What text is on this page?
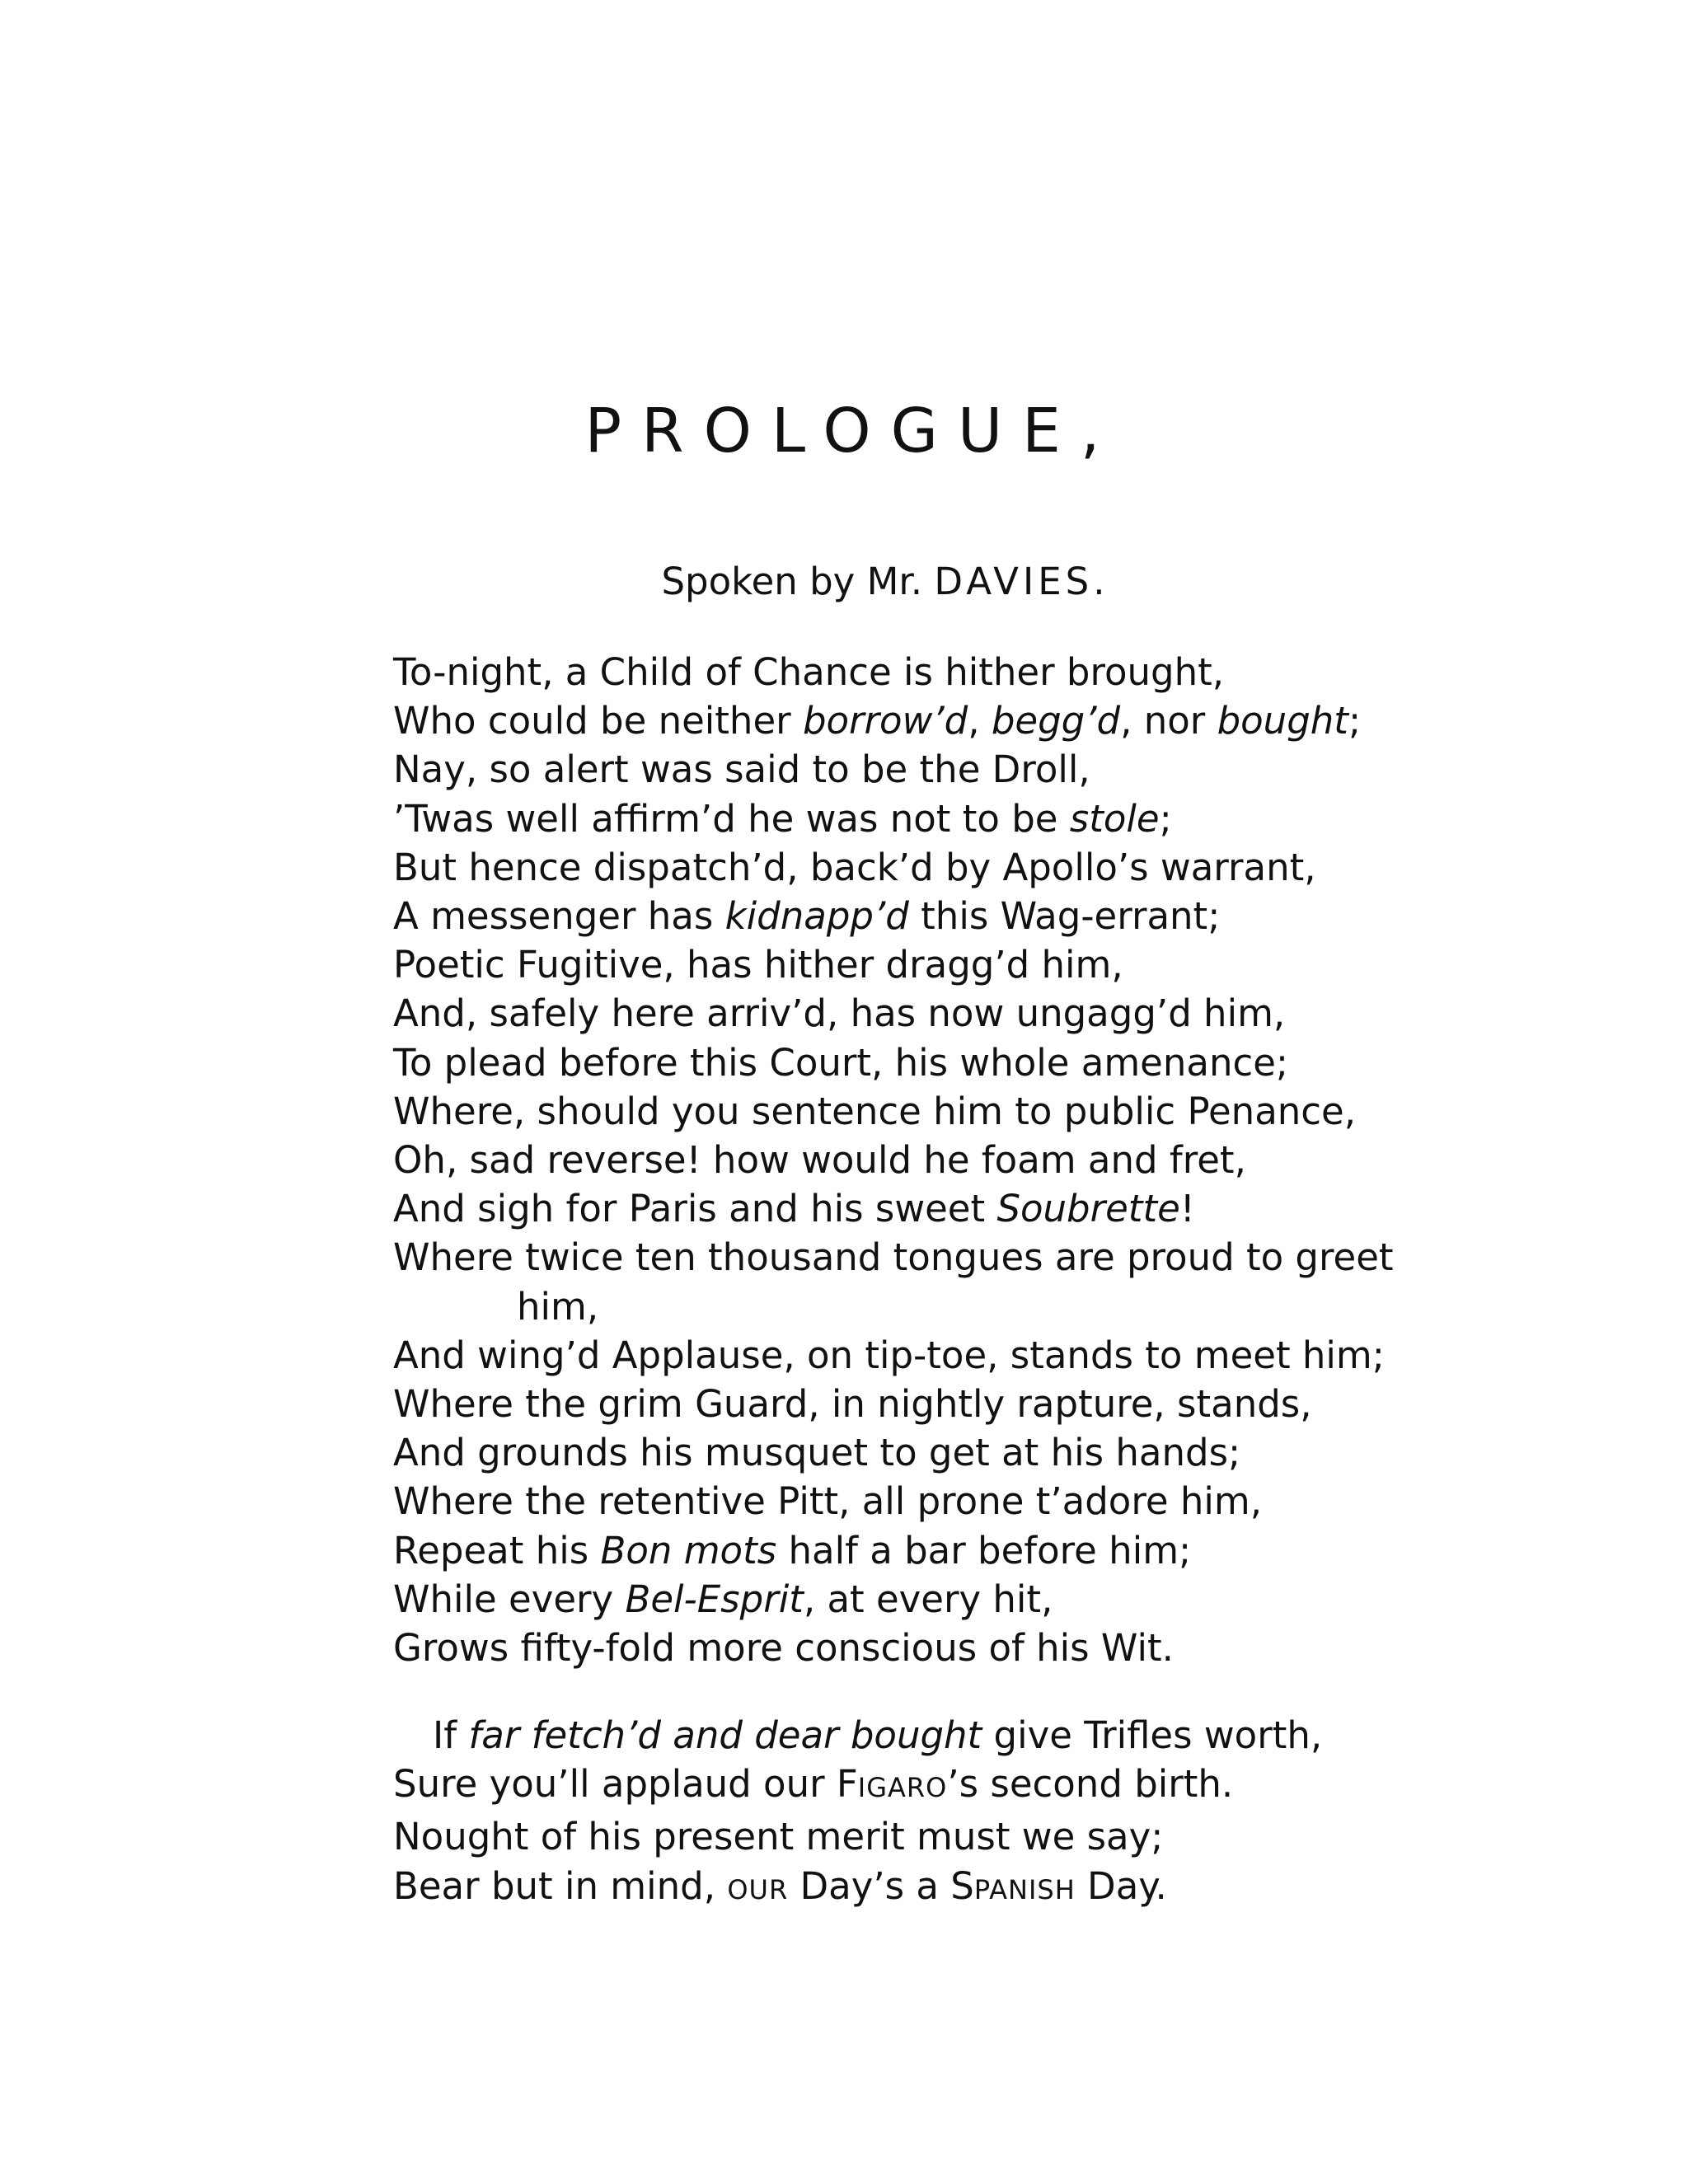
PROLOGUE,
Spoken by Mr. DAVIES.
To-night, a Child of Chance is hither brought,
Who could be neither borrow’d, begg’d, nor bought;
Nay, so alert was said to be the Droll,
’Twas well affirm’d he was not to be stole;
But hence dispatch’d, back’d by Apollo’s warrant,
A messenger has kidnapp’d this Wag-errant;
Poetic Fugitive, has hither dragg’d him,
And, safely here arriv’d, has now ungagg’d him,
To plead before this Court, his whole amenance;
Where, should you sentence him to public Penance,
Oh, sad reverse! how would he foam and fret,
And sigh for Paris and his sweet Soubrette!
Where twice ten thousand tongues are proud to greet
him,
And wing’d Applause, on tip-toe, stands to meet him;
Where the grim Guard, in nightly rapture, stands,
And grounds his musquet to get at his hands;
Where the retentive Pitt, all prone t’adore him,
Repeat his Bon mots half a bar before him;
While every Bel-Esprit, at every hit,
Grows fifty-fold more conscious of his Wit.
If far fetch’d and dear bought give Trifles worth,
Sure you’ll applaud our FIGARO’s second birth.
Nought of his present merit must we say;
Bear but in mind, OUR Day’s a SPANISH Day.
